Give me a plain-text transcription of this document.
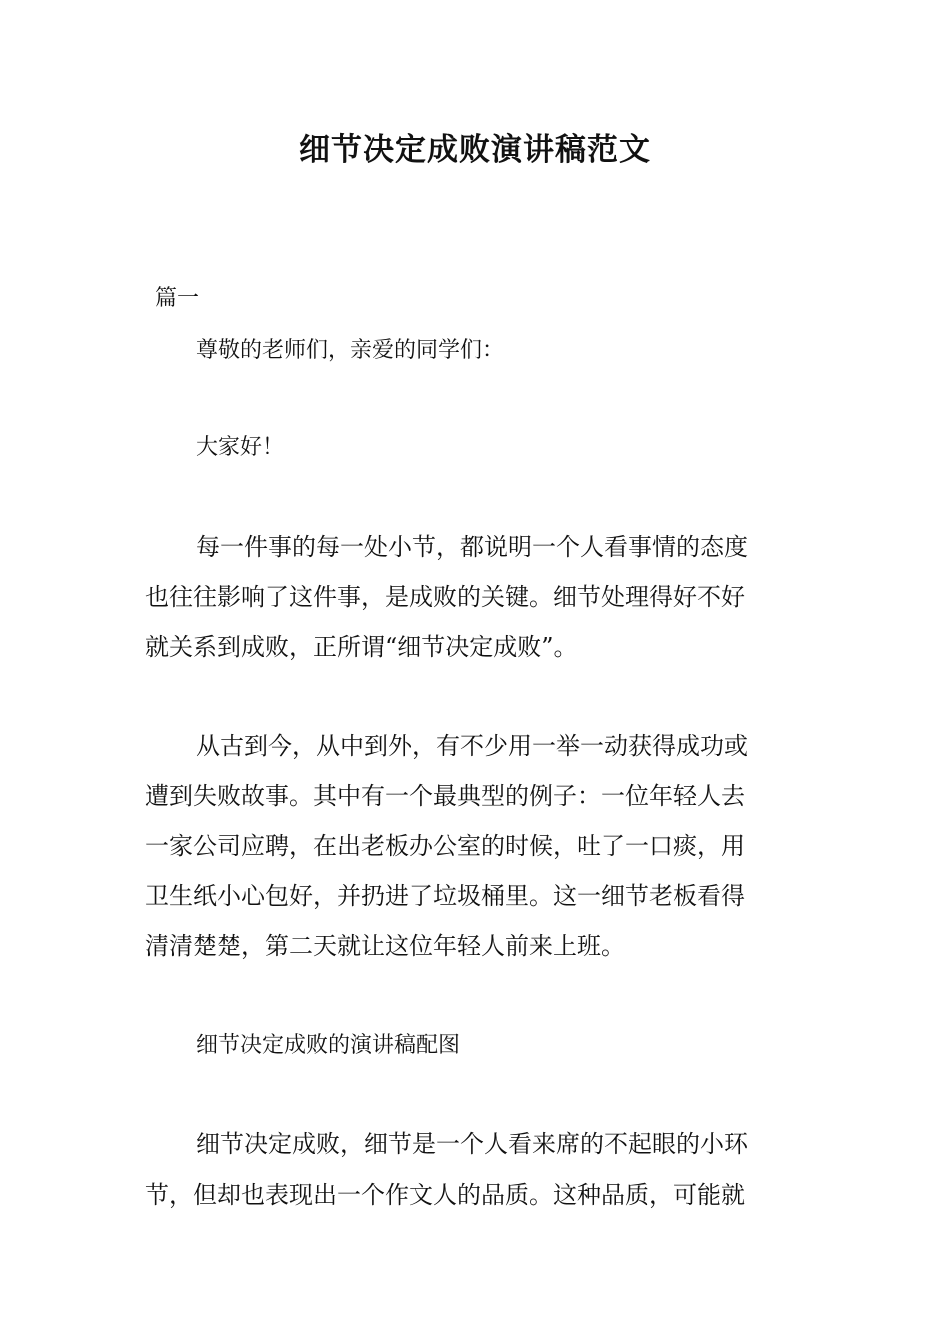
细节决定成败演讲稿范文

篇一

尊敬的老师们，亲爱的同学们：

大家好！

每一件事的每一处小节，都说明一个人看事情的态度

也往往影响了这件事，是成败的关键。细节处理得好不好

就关系到成败，正所谓“细节决定成败”。

从古到今，从中到外，有不少用一举一动获得成功或

遭到失败故事。其中有一个最典型的例子：一位年轻人去

一家公司应聘，在出老板办公室的时候，吐了一口痰，用

卫生纸小心包好，并扔进了垃圾桶里。这一细节老板看得

清清楚楚，第二天就让这位年轻人前来上班。

细节决定成败的演讲稿配图

细节决定成败，细节是一个人看来席的不起眼的小环

节，但却也表现出一个作文人的品质。这种品质，可能就
